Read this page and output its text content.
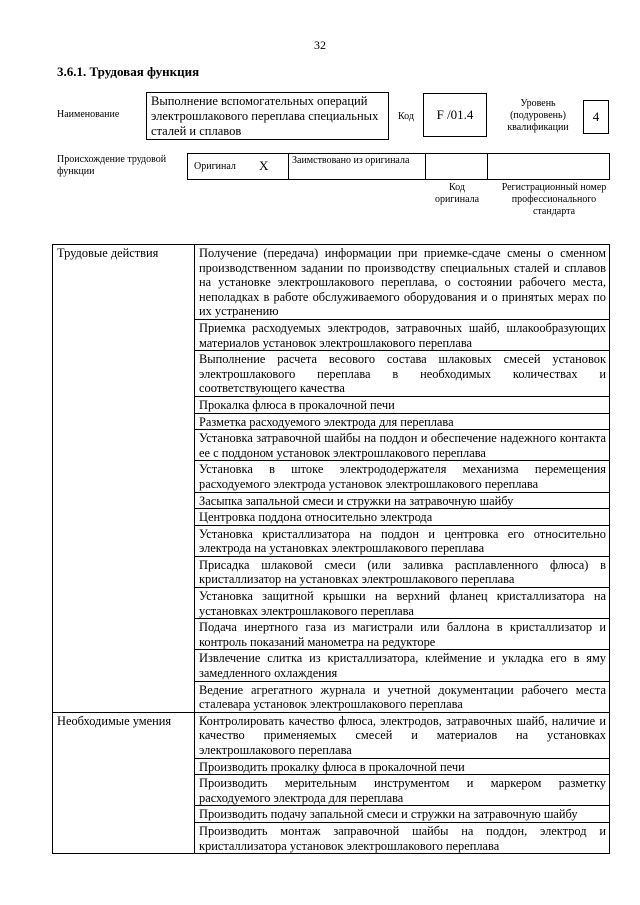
32
3.6.1. Трудовая функция
Наименование
Выполнение вспомогательных операций электрошлакового переплава специальных сталей и сплавов
Код F /01.4
Уровень (подуровень) квалификации
4
Происхождение трудовой функции	Оригинал X Заимствовано из оригинала
Код оригинала
Регистрационный номер профессионального стандарта
Трудовые действия	Получение (передача) информации при приемке-сдаче смены о сменном производственном задании по производству специальных сталей и сплавов на установке электрошлакового переплава, о состоянии рабочего места, неполадках в работе обслуживаемого оборудования и о принятых мерах по их устранению
	Приемка расходуемых электродов, затравочных шайб, шлакообразующих материалов установок электрошлакового переплава
	Выполнение расчета весового состава шлаковых смесей установок электрошлакового переплава в необходимых количествах и соответствующего качества
	Прокалка флюса в прокалочной печи
	Разметка расходуемого электрода для переплава
	Установка затравочной шайбы на поддон и обеспечение надежного контакта ее с поддоном установок электрошлакового переплава
	Установка в штоке электрододержателя механизма перемещения расходуемого электрода установок электрошлакового переплава
	Засыпка запальной смеси и стружки на затравочную шайбу
	Центровка поддона относительно электрода
	Установка кристаллизатора на поддон и центровка его относительно электрода на установках электрошлакового переплава
	Присадка шлаковой смеси (или заливка расплавленного флюса) в кристаллизатор на установках электрошлакового переплава
	Установка защитной крышки на верхний фланец кристаллизатора на установках электрошлакового переплава
	Подача инертного газа из магистрали или баллона в кристаллизатор и контроль показаний манометра на редукторе
	Извлечение слитка из кристаллизатора, клеймение и укладка его в яму замедленного охлаждения
	Ведение агрегатного журнала и учетной документации рабочего места сталевара установок электрошлакового переплава
Необходимые умения	Контролировать качество флюса, электродов, затравочных шайб, наличие и качество применяемых смесей и материалов на установках электрошлакового переплава
	Производить прокалку флюса в прокалочной печи
	Производить мерительным инструментом и маркером разметку расходуемого электрода для переплава
	Производить подачу запальной смеси и стружки на затравочную шайбу
	Производить монтаж заправочной шайбы на поддон, электрод и кристаллизатора установок электрошлакового переплава
